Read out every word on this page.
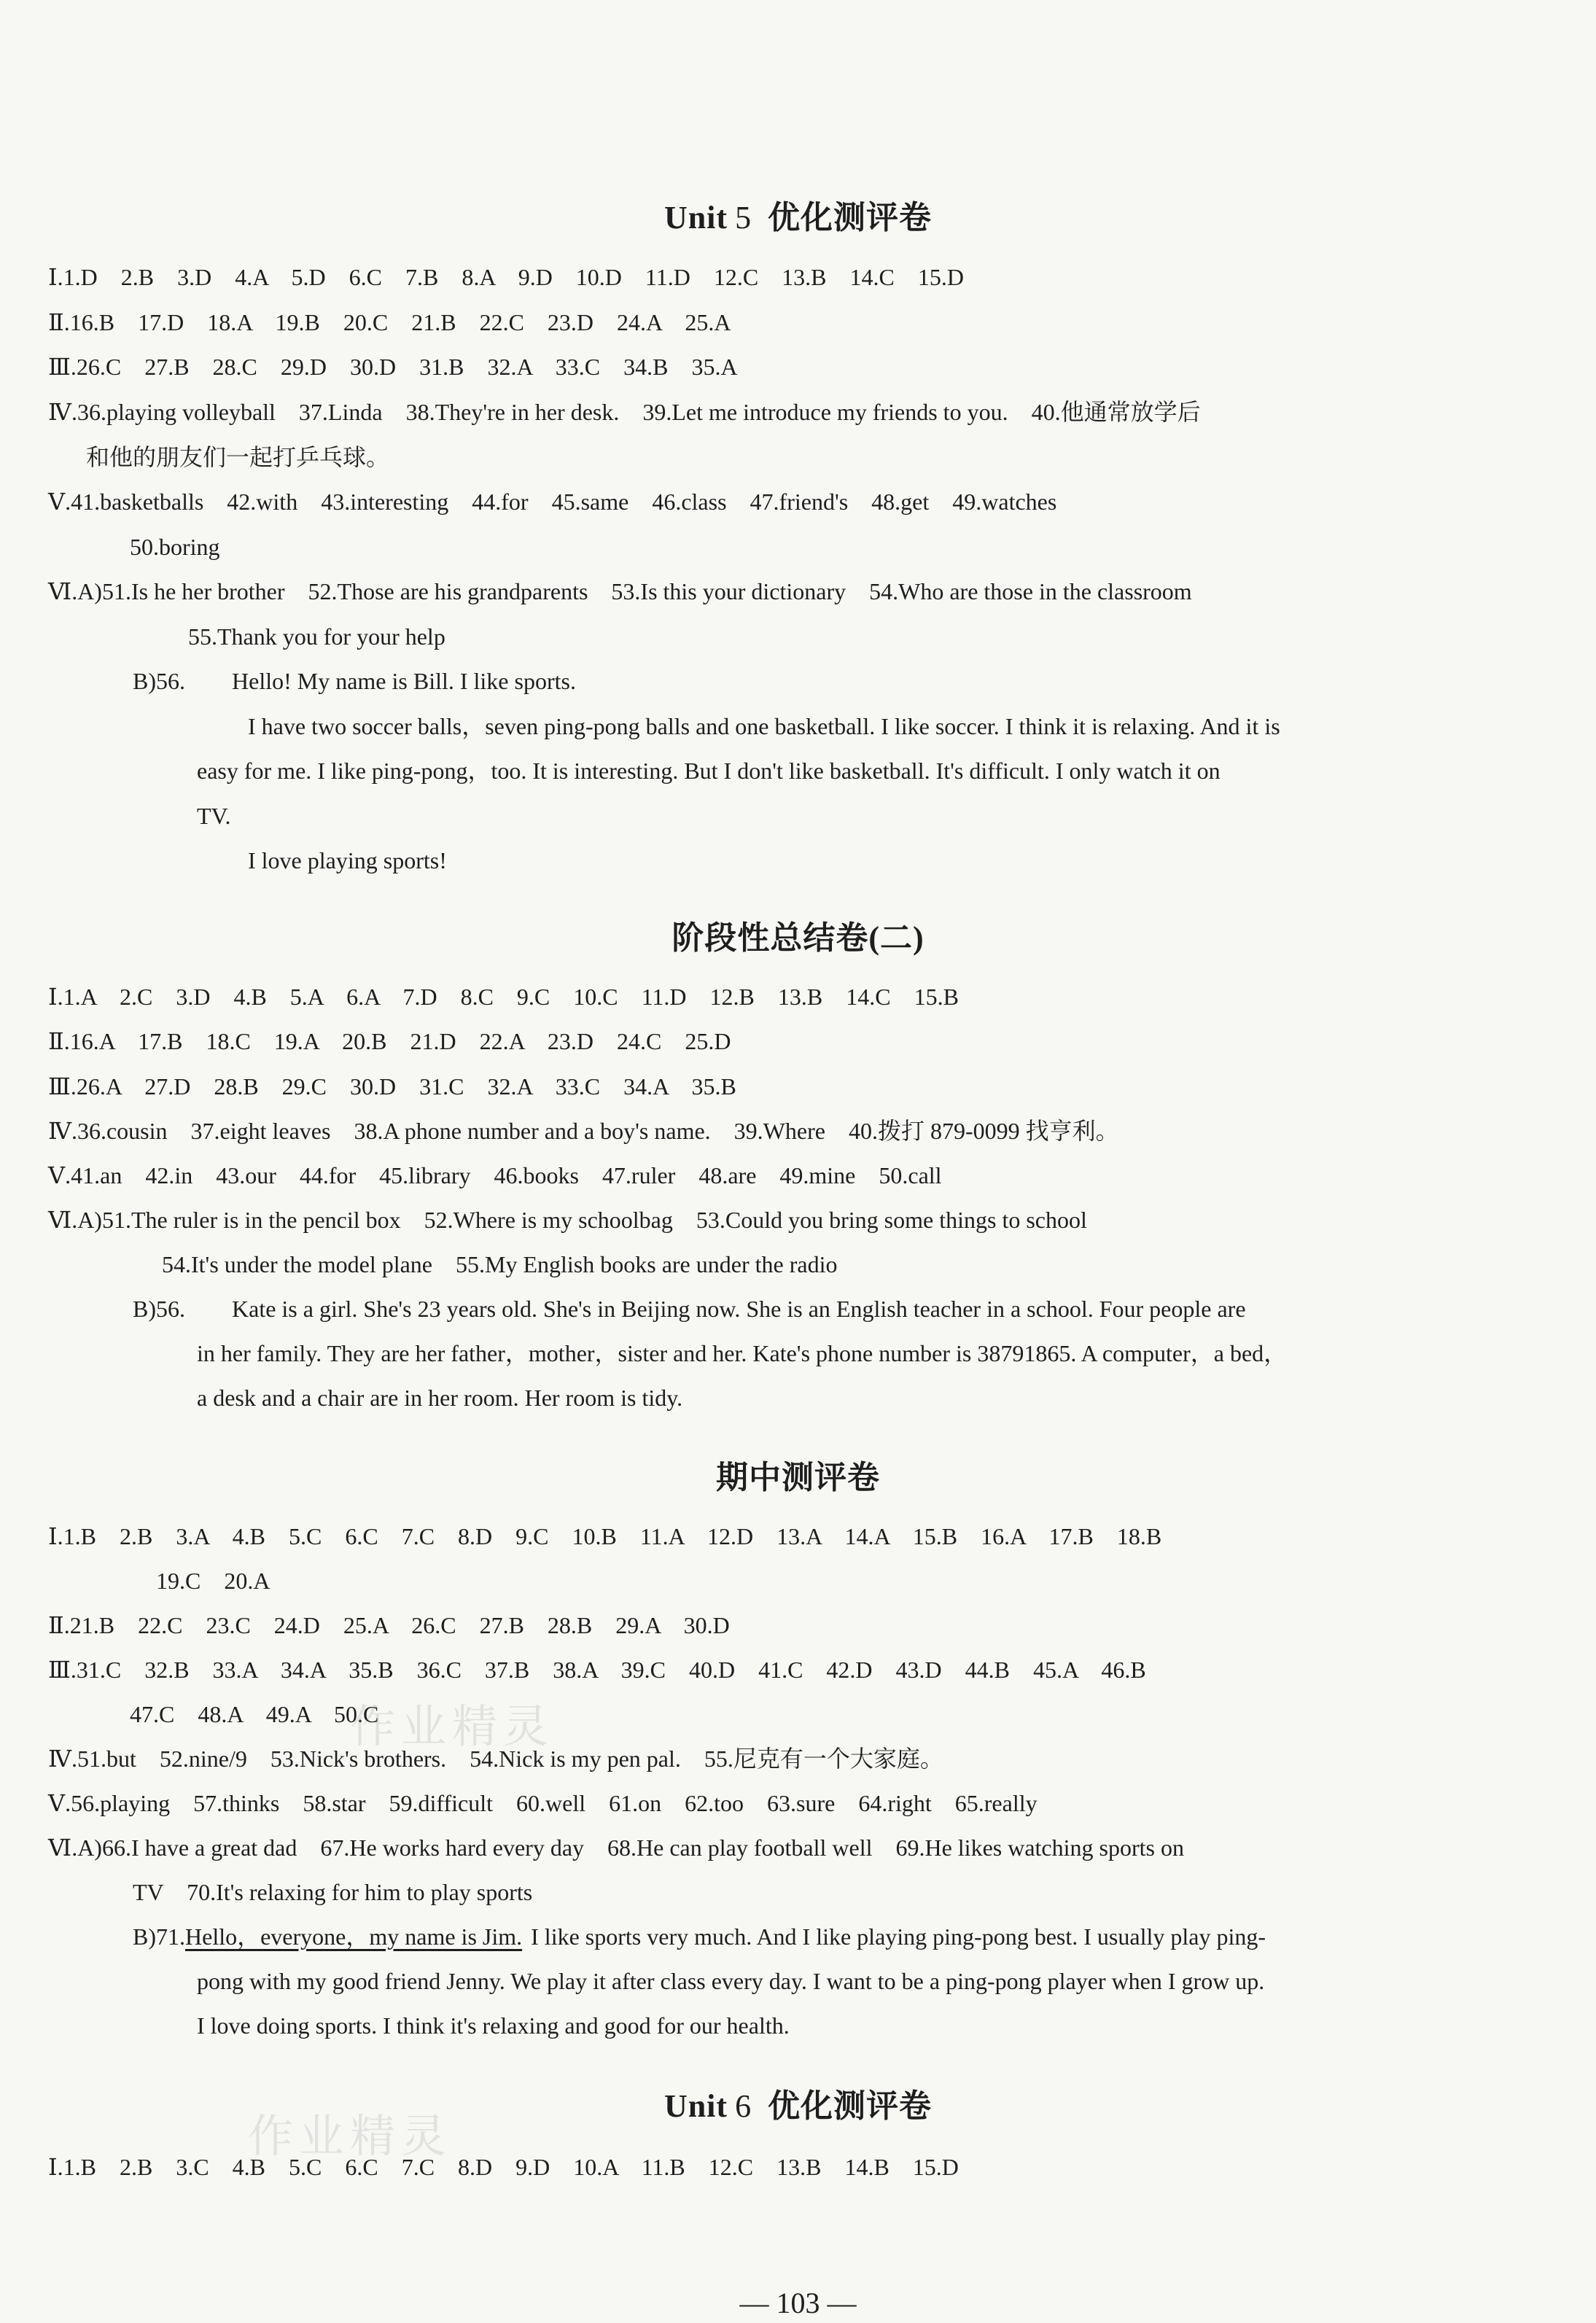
Unit 5 优化测评卷
Ⅰ.1.D　2.B　3.D　4.A　5.D　6.C　7.B　8.A　9.D　10.D　11.D　12.C　13.B　14.C　15.D
Ⅱ.16.B　17.D　18.A　19.B　20.C　21.B　22.C　23.D　24.A　25.A
Ⅲ.26.C　27.B　28.C　29.D　30.D　31.B　32.A　33.C　34.B　35.A
Ⅳ.36.playing volleyball　37.Linda　38.They're in her desk.　39.Let me introduce my friends to you.　40.他通常放学后
和他的朋友们一起打乒乓球。
Ⅴ.41.basketballs　42.with　43.interesting　44.for　45.same　46.class　47.friend's　48.get　49.watches
50.boring
Ⅵ.A)51.Is he her brother　52.Those are his grandparents　53.Is this your dictionary　54.Who are those in the classroom
55.Thank you for your help
B)56.　　Hello! My name is Bill. I like sports.
I have two soccer balls，seven ping-pong balls and one basketball. I like soccer. I think it is relaxing. And it is
easy for me. I like ping-pong，too. It is interesting. But I don't like basketball. It's difficult. I only watch it on
TV.
I love playing sports!
阶段性总结卷(二)
Ⅰ.1.A　2.C　3.D　4.B　5.A　6.A　7.D　8.C　9.C　10.C　11.D　12.B　13.B　14.C　15.B
Ⅱ.16.A　17.B　18.C　19.A　20.B　21.D　22.A　23.D　24.C　25.D
Ⅲ.26.A　27.D　28.B　29.C　30.D　31.C　32.A　33.C　34.A　35.B
Ⅳ.36.cousin　37.eight leaves　38.A phone number and a boy's name.　39.Where　40.拨打 879-0099 找亨利。
Ⅴ.41.an　42.in　43.our　44.for　45.library　46.books　47.ruler　48.are　49.mine　50.call
Ⅵ.A)51.The ruler is in the pencil box　52.Where is my schoolbag　53.Could you bring some things to school
54.It's under the model plane　55.My English books are under the radio
B)56.　　Kate is a girl. She's 23 years old. She's in Beijing now. She is an English teacher in a school. Four people are
in her family. They are her father，mother，sister and her. Kate's phone number is 38791865. A computer，a bed，
a desk and a chair are in her room. Her room is tidy.
期中测评卷
Ⅰ.1.B　2.B　3.A　4.B　5.C　6.C　7.C　8.D　9.C　10.B　11.A　12.D　13.A　14.A　15.B　16.A　17.B　18.B
19.C　20.A
Ⅱ.21.B　22.C　23.C　24.D　25.A　26.C　27.B　28.B　29.A　30.D
Ⅲ.31.C　32.B　33.A　34.A　35.B　36.C　37.B　38.A　39.C　40.D　41.C　42.D　43.D　44.B　45.A　46.B
47.C　48.A　49.A　50.C
Ⅳ.51.but　52.nine/9　53.Nick's brothers.　54.Nick is my pen pal.　55.尼克有一个大家庭。
Ⅴ.56.playing　57.thinks　58.star　59.difficult　60.well　61.on　62.too　63.sure　64.right　65.really
Ⅵ.A)66.I have a great dad　67.He works hard every day　68.He can play football well　69.He likes watching sports on
TV　70.It's relaxing for him to play sports
B)71.Hello，everyone，my name is Jim. I like sports very much. And I like playing ping-pong best. I usually play ping-
pong with my good friend Jenny. We play it after class every day. I want to be a ping-pong player when I grow up.
I love doing sports. I think it's relaxing and good for our health.
Unit 6 优化测评卷
Ⅰ.1.B　2.B　3.C　4.B　5.C　6.C　7.C　8.D　9.D　10.A　11.B　12.C　13.B　14.B　15.D
作业精灵
作业精灵
— 103 —
